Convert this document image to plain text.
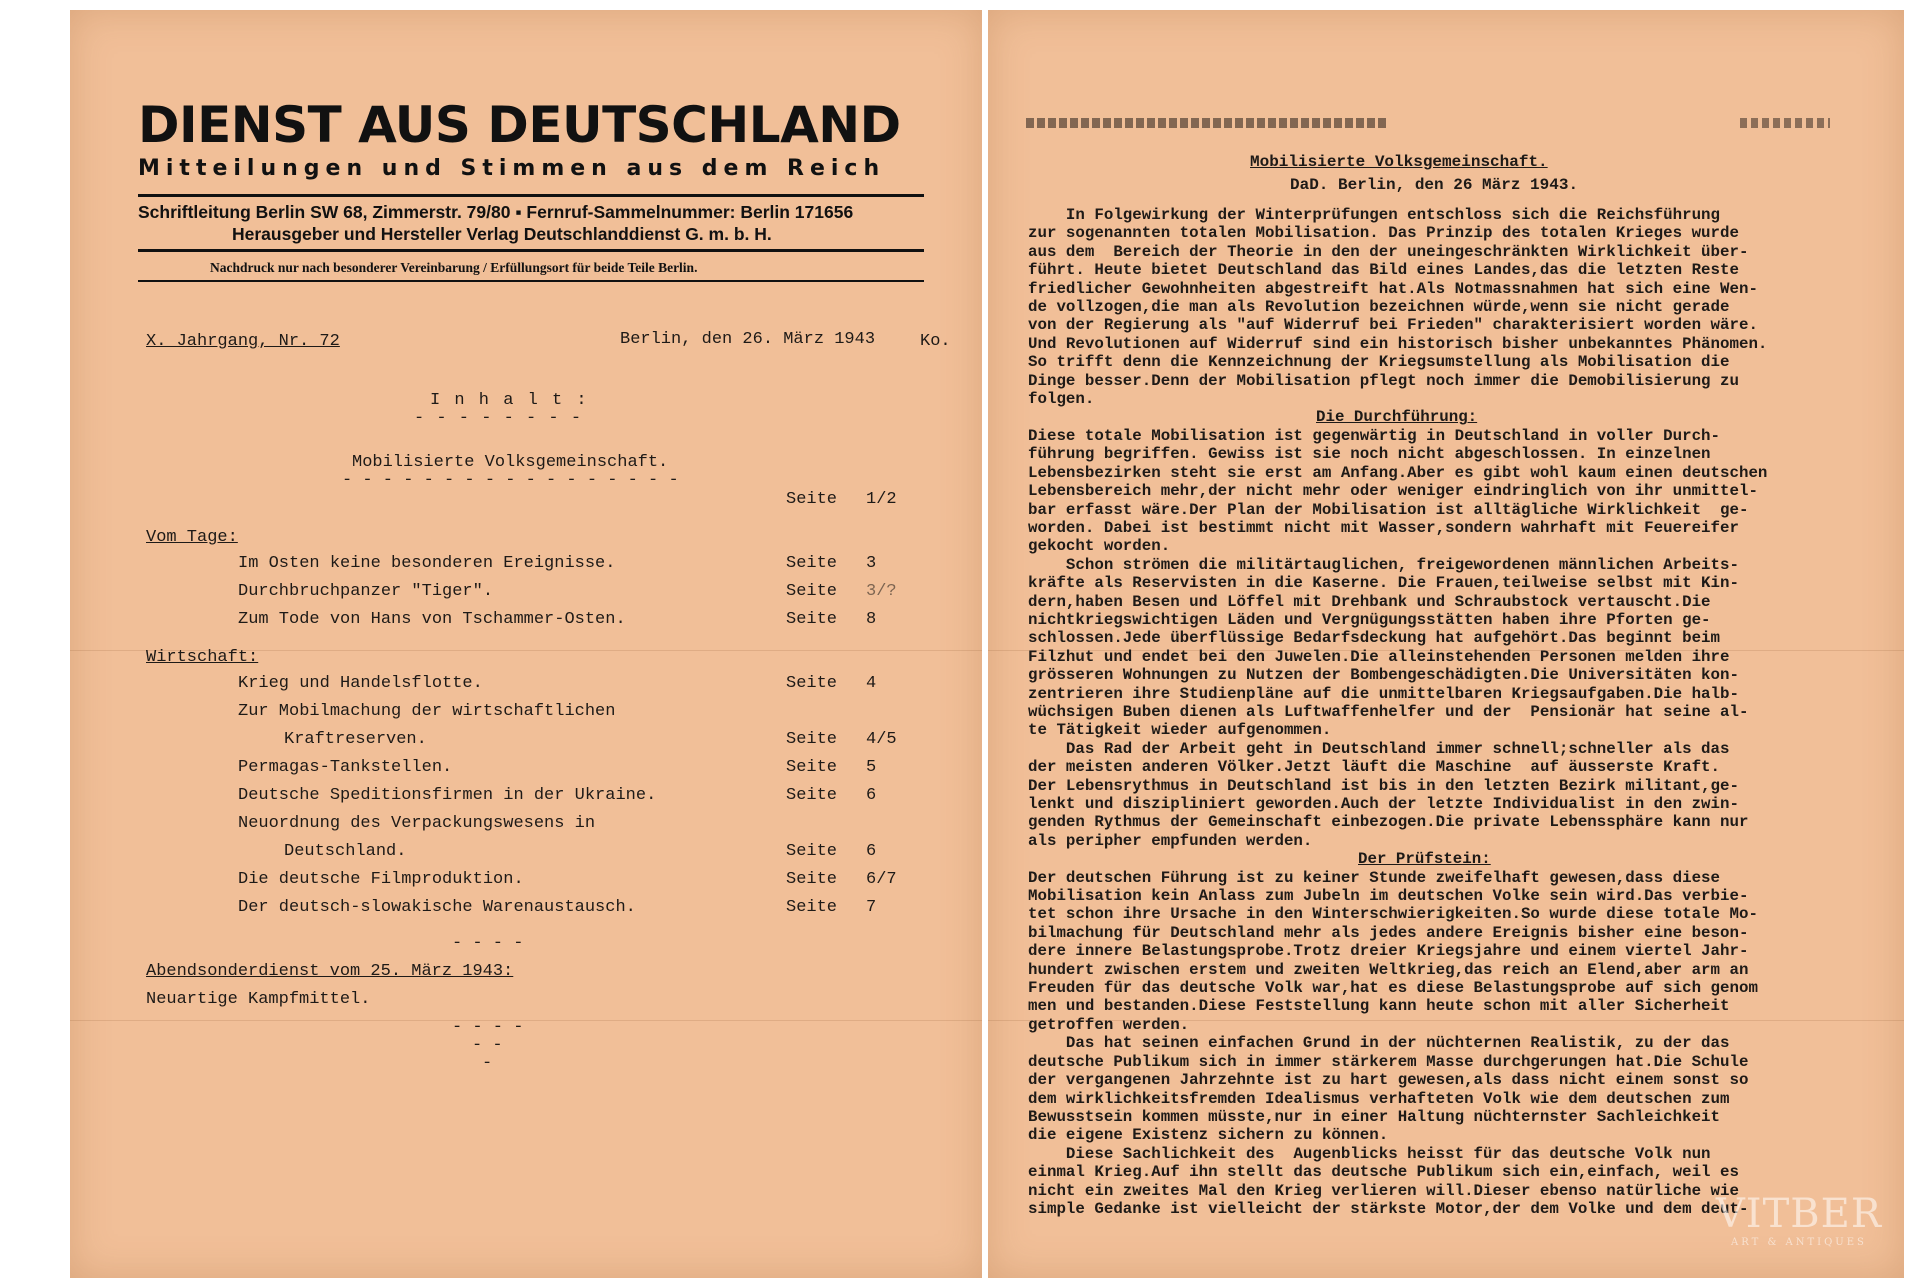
DIENST AUS DEUTSCHLAND
Mitteilungen und Stimmen aus dem Reich
Schriftleitung Berlin SW 68, Zimmerstr. 79/80 ▪ Fernruf-Sammelnummer: Berlin 171656
Herausgeber und Hersteller Verlag Deutschlanddienst G. m. b. H.
Nachdruck nur nach besonderer Vereinbarung / Erfüllungsort für beide Teile Berlin.
X. Jahrgang, Nr. 72	Berlin, den 26. März 1943	Ko.
I n h a l t :
- - - - - - - -
Mobilisierte Volksgemeinschaft.
- - - - - - - - - - - - - - - - -
Seite 1/2
Vom Tage:
Im Osten keine besonderen Ereignisse.	Seite 3
Durchbruchpanzer "Tiger".	Seite 3/?
Zum Tode von Hans von Tschammer-Osten.	Seite 8
Wirtschaft:
Krieg und Handelsflotte.	Seite 4
Zur Mobilmachung der wirtschaftlichen
Kraftreserven.	Seite 4/5
Permagas-Tankstellen.	Seite 5
Deutsche Speditionsfirmen in der Ukraine.	Seite 6
Neuordnung des Verpackungswesens in
Deutschland.	Seite 6
Die deutsche Filmproduktion.	Seite 6/7
Der deutsch-slowakische Warenaustausch.	Seite 7
- - - -
Abendsonderdienst vom 25. März 1943:
Neuartige Kampfmittel.
- - - -
- -
-
Mobilisierte Volksgemeinschaft.
DaD. Berlin, den 26 März 1943.

In Folgewirkung der Winterprüfungen entschloss sich die Reichsführung

zur sogenannten totalen Mobilisation. Das Prinzip des totalen Krieges wurde

aus dem  Bereich der Theorie in den der uneingeschränkten Wirklichkeit über-

führt. Heute bietet Deutschland das Bild eines Landes,das die letzten Reste

friedlicher Gewohnheiten abgestreift hat.Als Notmassnahmen hat sich eine Wen-

de vollzogen,die man als Revolution bezeichnen würde,wenn sie nicht gerade

von der Regierung als "auf Widerruf bei Frieden" charakterisiert worden wäre.

Und Revolutionen auf Widerruf sind ein historisch bisher unbekanntes Phänomen.

So trifft denn die Kennzeichnung der Kriegsumstellung als Mobilisation die

Dinge besser.Denn der Mobilisation pflegt noch immer die Demobilisierung zu

folgen.

Die Durchführung:

Diese totale Mobilisation ist gegenwärtig in Deutschland in voller Durch-

führung begriffen. Gewiss ist sie noch nicht abgeschlossen. In einzelnen

Lebensbezirken steht sie erst am Anfang.Aber es gibt wohl kaum einen deutschen

Lebensbereich mehr,der nicht mehr oder weniger eindringlich von ihr unmittel-

bar erfasst wäre.Der Plan der Mobilisation ist alltägliche Wirklichkeit  ge-

worden. Dabei ist bestimmt nicht mit Wasser,sondern wahrhaft mit Feuereifer

gekocht worden.

Schon strömen die militärtauglichen, freigewordenen männlichen Arbeits-

kräfte als Reservisten in die Kaserne. Die Frauen,teilweise selbst mit Kin-

dern,haben Besen und Löffel mit Drehbank und Schraubstock vertauscht.Die

nichtkriegswichtigen Läden und Vergnügungsstätten haben ihre Pforten ge-

schlossen.Jede überflüssige Bedarfsdeckung hat aufgehört.Das beginnt beim

Filzhut und endet bei den Juwelen.Die alleinstehenden Personen melden ihre

grösseren Wohnungen zu Nutzen der Bombengeschädigten.Die Universitäten kon-

zentrieren ihre Studienpläne auf die unmittelbaren Kriegsaufgaben.Die halb-

wüchsigen Buben dienen als Luftwaffenhelfer und der  Pensionär hat seine al-

te Tätigkeit wieder aufgenommen.

Das Rad der Arbeit geht in Deutschland immer schnell;schneller als das

der meisten anderen Völker.Jetzt läuft die Maschine  auf äusserste Kraft.

Der Lebensrythmus in Deutschland ist bis in den letzten Bezirk militant,ge-

lenkt und diszipliniert geworden.Auch der letzte Individualist in den zwin-

genden Rythmus der Gemeinschaft einbezogen.Die private Lebenssphäre kann nur

als peripher empfunden werden.

Der Prüfstein:

Der deutschen Führung ist zu keiner Stunde zweifelhaft gewesen,dass diese

Mobilisation kein Anlass zum Jubeln im deutschen Volke sein wird.Das verbie-

tet schon ihre Ursache in den Winterschwierigkeiten.So wurde diese totale Mo-

bilmachung für Deutschland mehr als jedes andere Ereignis bisher eine beson-

dere innere Belastungsprobe.Trotz dreier Kriegsjahre und einem viertel Jahr-

hundert zwischen erstem und zweiten Weltkrieg,das reich an Elend,aber arm an

Freuden für das deutsche Volk war,hat es diese Belastungsprobe auf sich genom

men und bestanden.Diese Feststellung kann heute schon mit aller Sicherheit

getroffen werden.

Das hat seinen einfachen Grund in der nüchternen Realistik, zu der das

deutsche Publikum sich in immer stärkerem Masse durchgerungen hat.Die Schule

der vergangenen Jahrzehnte ist zu hart gewesen,als dass nicht einem sonst so

dem wirklichkeitsfremden Idealismus verhafteten Volk wie dem deutschen zum

Bewusstsein kommen müsste,nur in einer Haltung nüchternster Sachleichkeit

die eigene Existenz sichern zu können.

Diese Sachlichkeit des  Augenblicks heisst für das deutsche Volk nun

einmal Krieg.Auf ihn stellt das deutsche Publikum sich ein,einfach, weil es

nicht ein zweites Mal den Krieg verlieren will.Dieser ebenso natürliche wie

simple Gedanke ist vielleicht der stärkste Motor,der dem Volke und dem deut-

VITBER
ART & ANTIQUES
